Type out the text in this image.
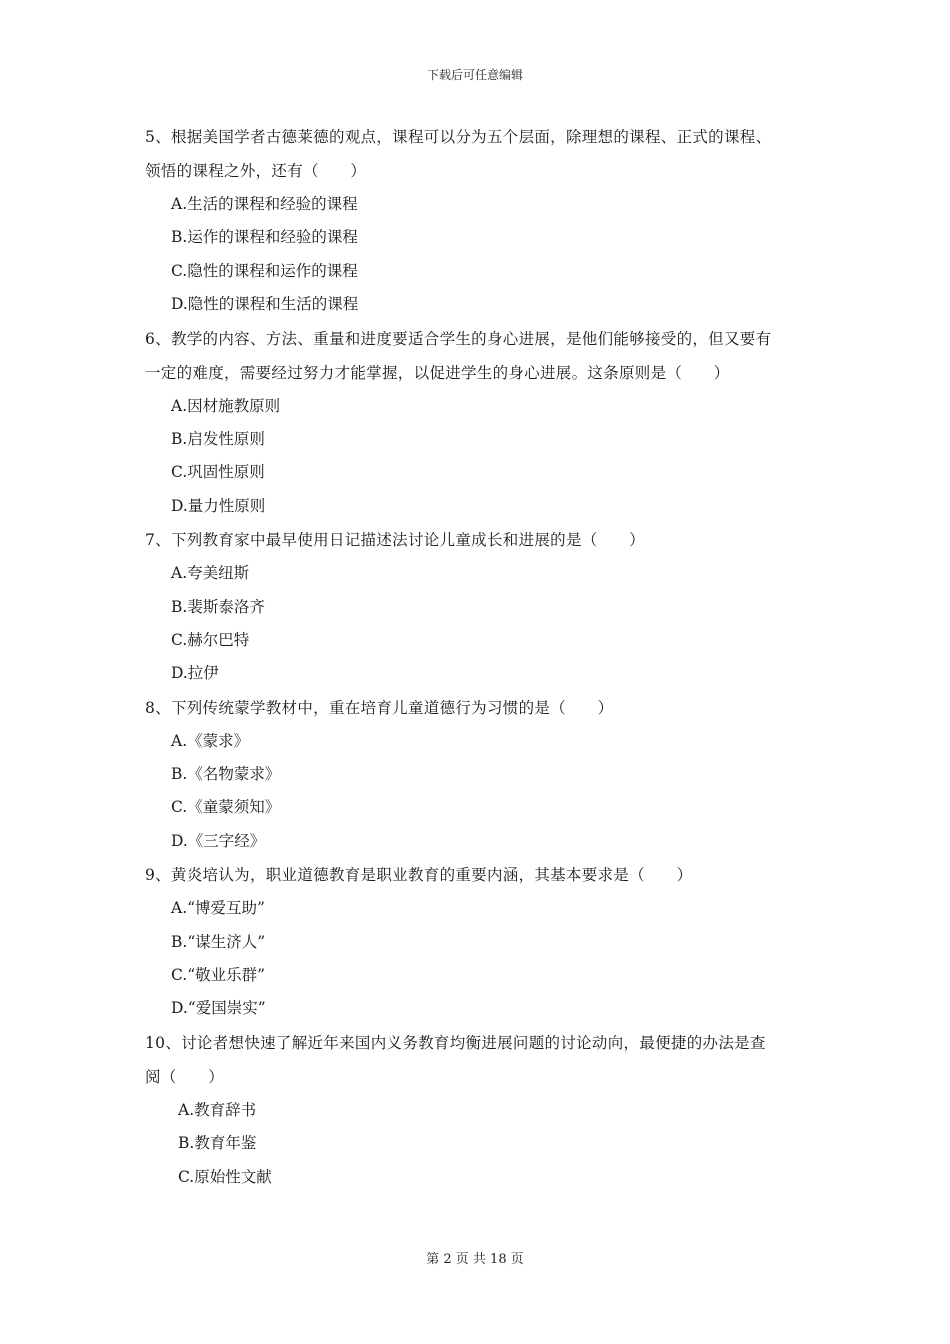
下载后可任意编辑
5、根据美国学者古德莱德的观点，课程可以分为五个层面，除理想的课程、正式的课程、
领悟的课程之外，还有（　　）
A.生活的课程和经验的课程
B.运作的课程和经验的课程
C.隐性的课程和运作的课程
D.隐性的课程和生活的课程
6、教学的内容、方法、重量和进度要适合学生的身心进展，是他们能够接受的，但又要有
一定的难度，需要经过努力才能掌握，以促进学生的身心进展。这条原则是（　　）
A.因材施教原则
B.启发性原则
C.巩固性原则
D.量力性原则
7、下列教育家中最早使用日记描述法讨论儿童成长和进展的是（　　）
A.夸美纽斯
B.裴斯泰洛齐
C.赫尔巴特
D.拉伊
8、下列传统蒙学教材中，重在培育儿童道德行为习惯的是（　　）
A.《蒙求》
B.《名物蒙求》
C.《童蒙须知》
D.《三字经》
9、黄炎培认为，职业道德教育是职业教育的重要内涵，其基本要求是（　　）
A.“博爱互助”
B.“谋生济人”
C.“敬业乐群”
D.“爱国崇实”
10、讨论者想快速了解近年来国内义务教育均衡进展问题的讨论动向，最便捷的办法是查
阅（　　）
A.教育辞书
B.教育年鉴
C.原始性文献
第 2 页 共 18 页
